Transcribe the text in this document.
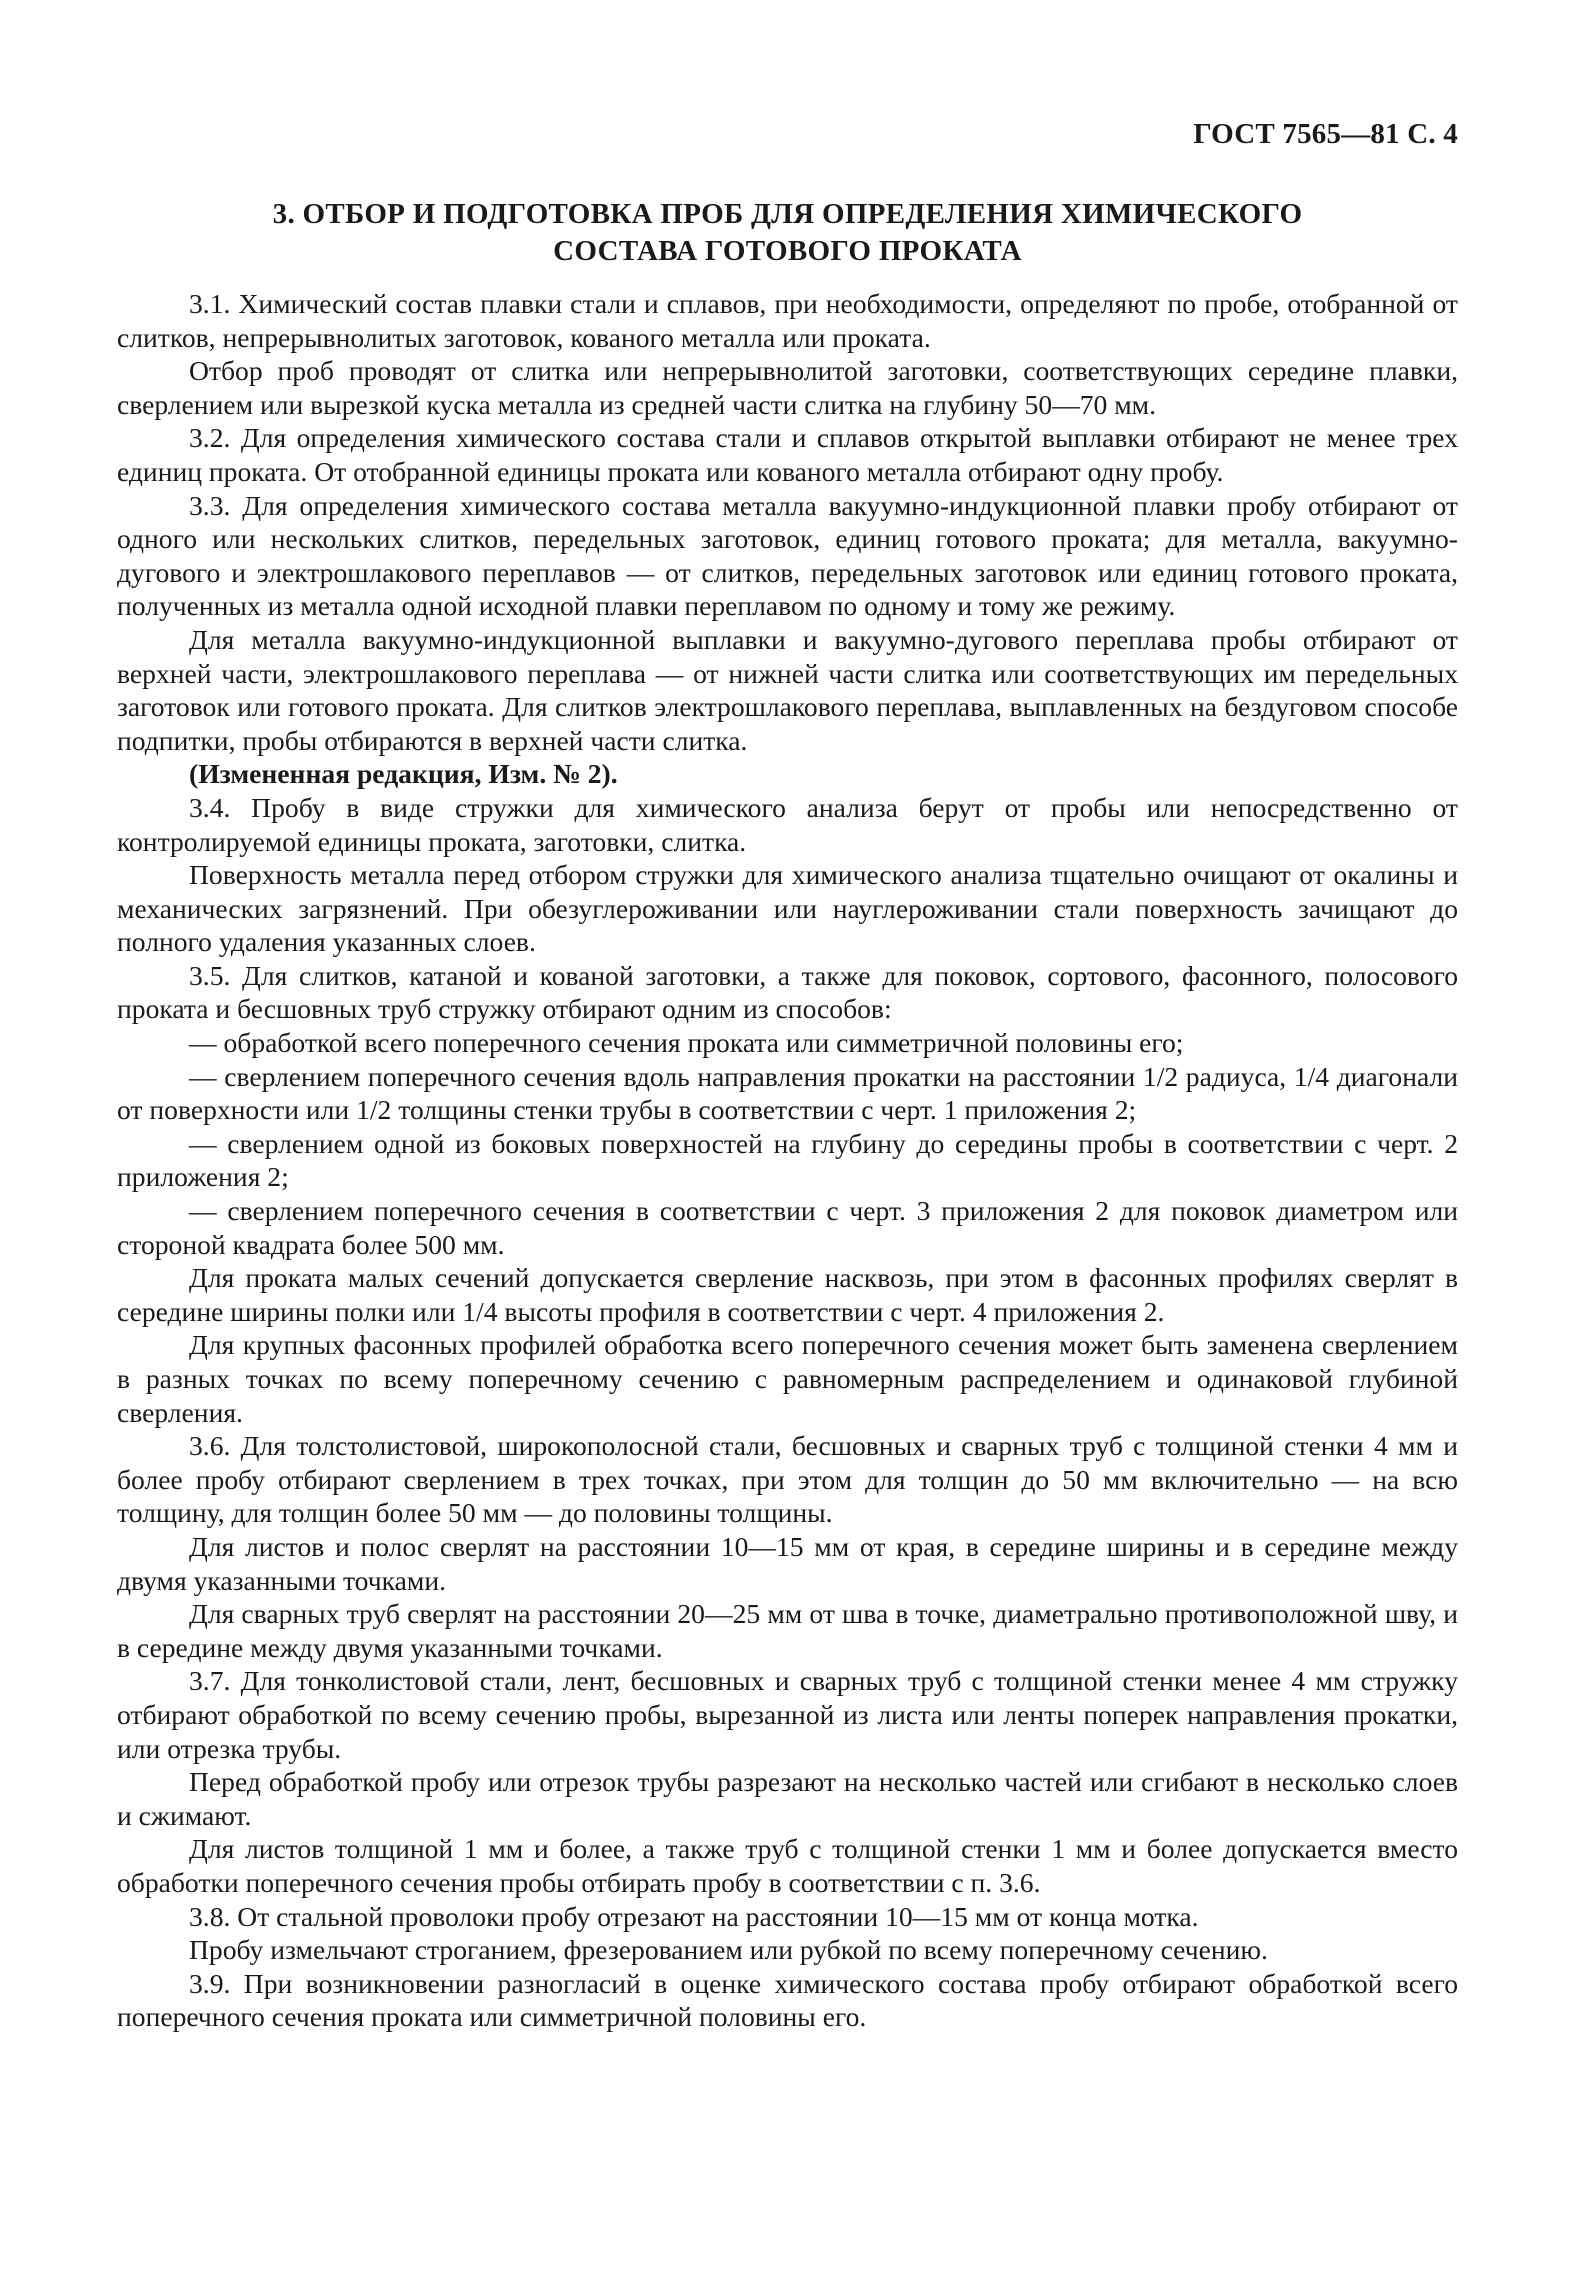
ГОСТ 7565—81 С. 4
3. ОТБОР И ПОДГОТОВКА ПРОБ ДЛЯ ОПРЕДЕЛЕНИЯ ХИМИЧЕСКОГО
СОСТАВА ГОТОВОГО ПРОКАТА

3.1. Химический состав плавки стали и сплавов, при необходимости, определяют по пробе, отобранной от слитков, непрерывнолитых заготовок, кованого металла или проката.

Отбор проб проводят от слитка или непрерывнолитой заготовки, соответствующих середине плавки, сверлением или вырезкой куска металла из средней части слитка на глубину 50—70 мм.

3.2. Для определения химического состава стали и сплавов открытой выплавки отбирают не менее трех единиц проката. От отобранной единицы проката или кованого металла отбирают одну пробу.

3.3. Для определения химического состава металла вакуумно-индукционной плавки пробу отбирают от одного или нескольких слитков, передельных заготовок, единиц готового проката; для металла, вакуумно-дугового и электрошлакового переплавов — от слитков, передельных заготовок или единиц готового проката, полученных из металла одной исходной плавки переплавом по одному и тому же режиму.

Для металла вакуумно-индукционной выплавки и вакуумно-дугового переплава пробы отбирают от верхней части, электрошлакового переплава — от нижней части слитка или соответствующих им передельных заготовок или готового проката. Для слитков электрошлакового переплава, выплавленных на бездуговом способе подпитки, пробы отбираются в верхней части слитка.

(Измененная редакция, Изм. № 2).

3.4. Пробу в виде стружки для химического анализа берут от пробы или непосредственно от контролируемой единицы проката, заготовки, слитка.

Поверхность металла перед отбором стружки для химического анализа тщательно очищают от окалины и механических загрязнений. При обезуглероживании или науглероживании стали поверхность зачищают до полного удаления указанных слоев.

3.5. Для слитков, катаной и кованой заготовки, а также для поковок, сортового, фасонного, полосового проката и бесшовных труб стружку отбирают одним из способов:

— обработкой всего поперечного сечения проката или симметричной половины его;

— сверлением поперечного сечения вдоль направления прокатки на расстоянии 1/2 радиуса, 1/4 диагонали от поверхности или 1/2 толщины стенки трубы в соответствии с черт. 1 приложения 2;

— сверлением одной из боковых поверхностей на глубину до середины пробы в соответствии с черт. 2 приложения 2;

— сверлением поперечного сечения в соответствии с черт. 3 приложения 2 для поковок диаметром или стороной квадрата более 500 мм.

Для проката малых сечений допускается сверление насквозь, при этом в фасонных профилях сверлят в середине ширины полки или 1/4 высоты профиля в соответствии с черт. 4 приложения 2.

Для крупных фасонных профилей обработка всего поперечного сечения может быть заменена сверлением в разных точках по всему поперечному сечению с равномерным распределением и одинаковой глубиной сверления.

3.6. Для толстолистовой, широкополосной стали, бесшовных и сварных труб с толщиной стенки 4 мм и более пробу отбирают сверлением в трех точках, при этом для толщин до 50 мм включительно — на всю толщину, для толщин более 50 мм — до половины толщины.

Для листов и полос сверлят на расстоянии 10—15 мм от края, в середине ширины и в середине между двумя указанными точками.

Для сварных труб сверлят на расстоянии 20—25 мм от шва в точке, диаметрально противоположной шву, и в середине между двумя указанными точками.

3.7. Для тонколистовой стали, лент, бесшовных и сварных труб с толщиной стенки менее 4 мм стружку отбирают обработкой по всему сечению пробы, вырезанной из листа или ленты поперек направления прокатки, или отрезка трубы.

Перед обработкой пробу или отрезок трубы разрезают на несколько частей или сгибают в несколько слоев и сжимают.

Для листов толщиной 1 мм и более, а также труб с толщиной стенки 1 мм и более допускается вместо обработки поперечного сечения пробы отбирать пробу в соответствии с п. 3.6.

3.8. От стальной проволоки пробу отрезают на расстоянии 10—15 мм от конца мотка.

Пробу измельчают строганием, фрезерованием или рубкой по всему поперечному сечению.

3.9. При возникновении разногласий в оценке химического состава пробу отбирают обработкой всего поперечного сечения проката или симметричной половины его.
